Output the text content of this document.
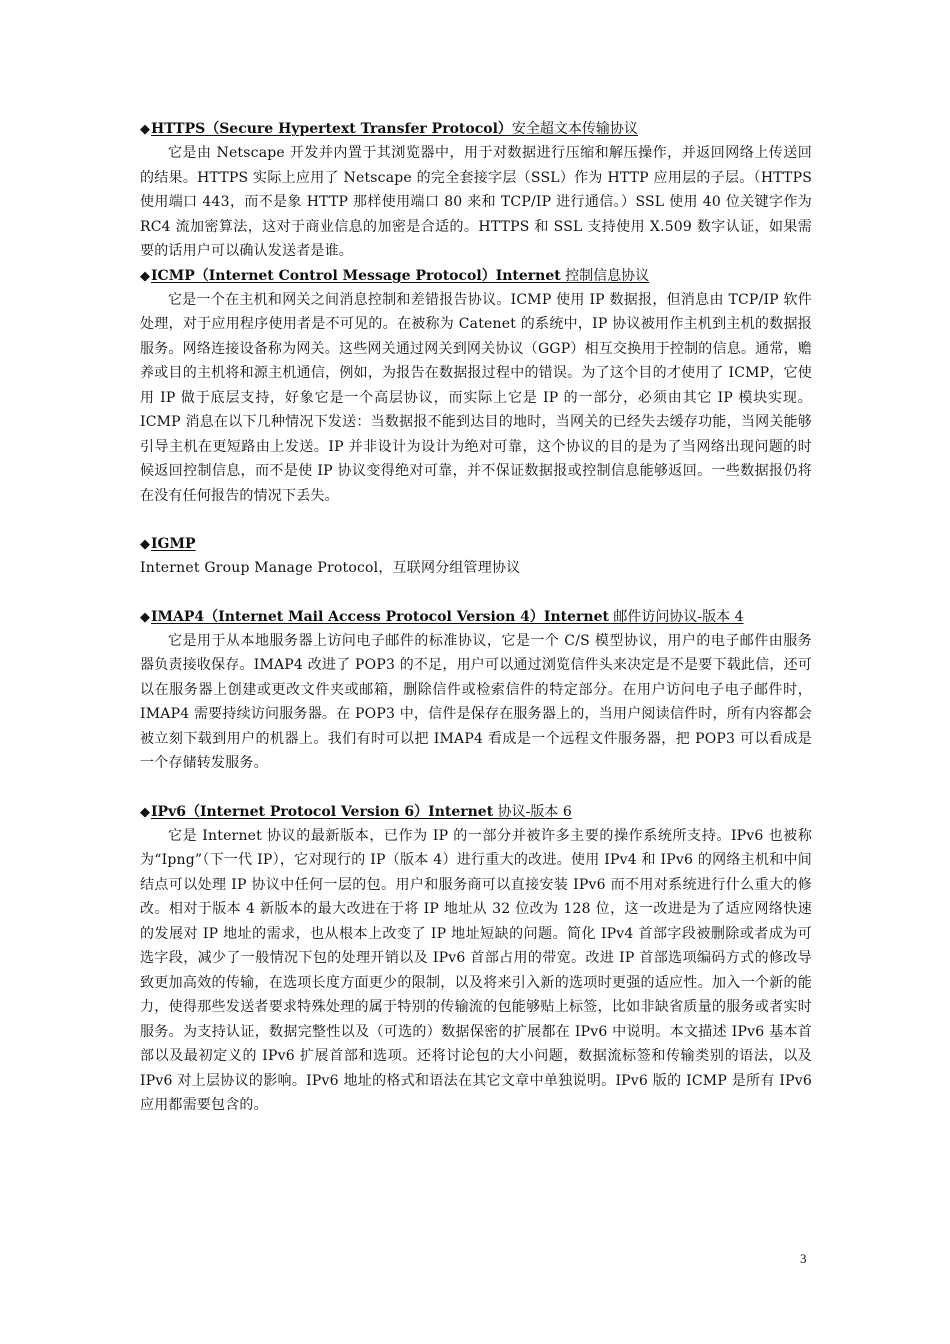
◆HTTPS（Secure Hypertext Transfer Protocol）安全超文本传输协议

它是由 Netscape 开发并内置于其浏览器中，用于对数据进行压缩和解压操作，并返回网络上传送回的结果。HTTPS 实际上应用了 Netscape 的完全套接字层（SSL）作为 HTTP 应用层的子层。（HTTPS 使用端口 443，而不是象 HTTP 那样使用端口 80 来和 TCP/IP 进行通信。）SSL 使用 40 位关键字作为 RC4 流加密算法，这对于商业信息的加密是合适的。HTTPS 和 SSL 支持使用 X.509 数字认证，如果需要的话用户可以确认发送者是谁。

◆ICMP（Internet Control Message Protocol）Internet 控制信息协议

它是一个在主机和网关之间消息控制和差错报告协议。ICMP 使用 IP 数据报，但消息由 TCP/IP 软件处理，对于应用程序使用者是不可见的。在被称为 Catenet 的系统中，IP 协议被用作主机到主机的数据报服务。网络连接设备称为网关。这些网关通过网关到网关协议（GGP）相互交换用于控制的信息。通常，赡养或目的主机将和源主机通信，例如，为报告在数据报过程中的错误。为了这个目的才使用了 ICMP，它使用 IP 做于底层支持，好象它是一个高层协议，而实际上它是 IP 的一部分，必须由其它 IP 模块实现。ICMP 消息在以下几种情况下发送：当数据报不能到达目的地时，当网关的已经失去缓存功能，当网关能够引导主机在更短路由上发送。IP 并非设计为设计为绝对可靠，这个协议的目的是为了当网络出现问题的时候返回控制信息，而不是使 IP 协议变得绝对可靠，并不保证数据报或控制信息能够返回。一些数据报仍将在没有任何报告的情况下丢失。

◆IGMP

Internet Group Manage Protocol，互联网分组管理协议

◆IMAP4（Internet Mail Access Protocol Version 4）Internet 邮件访问协议-版本 4

它是用于从本地服务器上访问电子邮件的标准协议，它是一个 C/S 模型协议，用户的电子邮件由服务器负责接收保存。IMAP4 改进了 POP3 的不足，用户可以通过浏览信件头来决定是不是要下载此信，还可以在服务器上创建或更改文件夹或邮箱，删除信件或检索信件的特定部分。在用户访问电子电子邮件时，IMAP4 需要持续访问服务器。在 POP3 中，信件是保存在服务器上的，当用户阅读信件时，所有内容都会被立刻下载到用户的机器上。我们有时可以把 IMAP4 看成是一个远程文件服务器，把 POP3 可以看成是一个存储转发服务。

◆IPv6（Internet Protocol Version 6）Internet 协议-版本 6

它是 Internet 协议的最新版本，已作为 IP 的一部分并被许多主要的操作系统所支持。IPv6 也被称为“Ipng”（下一代 IP），它对现行的 IP（版本 4）进行重大的改进。使用 IPv4 和 IPv6 的网络主机和中间结点可以处理 IP 协议中任何一层的包。用户和服务商可以直接安装 IPv6 而不用对系统进行什么重大的修改。相对于版本 4 新版本的最大改进在于将 IP 地址从 32 位改为 128 位，这一改进是为了适应网络快速的发展对 IP 地址的需求，也从根本上改变了 IP 地址短缺的问题。简化 IPv4 首部字段被删除或者成为可选字段，减少了一般情况下包的处理开销以及 IPv6 首部占用的带宽。改进 IP 首部选项编码方式的修改导致更加高效的传输，在选项长度方面更少的限制，以及将来引入新的选项时更强的适应性。加入一个新的能力，使得那些发送者要求特殊处理的属于特别的传输流的包能够贴上标签，比如非缺省质量的服务或者实时服务。为支持认证，数据完整性以及（可选的）数据保密的扩展都在 IPv6 中说明。本文描述 IPv6 基本首部以及最初定义的 IPv6 扩展首部和选项。还将讨论包的大小问题，数据流标签和传输类别的语法，以及 IPv6 对上层协议的影响。IPv6 地址的格式和语法在其它文章中单独说明。IPv6 版的 ICMP 是所有 IPv6 应用都需要包含的。

3
